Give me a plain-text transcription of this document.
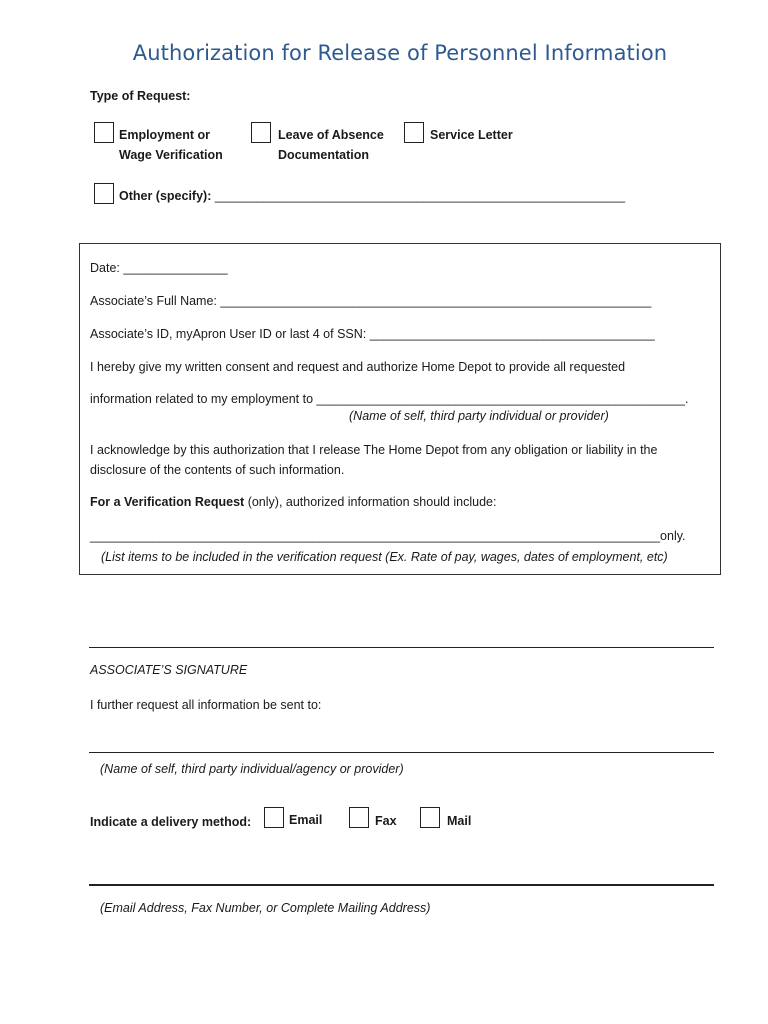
Authorization for Release of Personnel Information
Type of Request:
Employment or
Wage Verification
Leave of Absence
Documentation
Service Letter
Other (specify): ___________________________________________________________
Date: _______________
Associate’s Full Name: ______________________________________________________________
Associate’s ID, myApron User ID or last 4 of SSN: _________________________________________
I hereby give my written consent and request and authorize Home Depot to provide all requested
information related to my employment to _____________________________________________________.
(Name of self, third party individual or provider)
I acknowledge by this authorization that I release The Home Depot from any obligation or liability in the disclosure of the contents of such information.
For a Verification Request (only), authorized information should include:
__________________________________________________________________________________only.
(List items to be included in the verification request (Ex. Rate of pay, wages, dates of employment, etc)
ASSOCIATE’S SIGNATURE
I further request all information be sent to:
(Name of self, third party individual/agency or provider)
Indicate a delivery method:	Email	Fax	Mail
(Email Address, Fax Number, or Complete Mailing Address)
